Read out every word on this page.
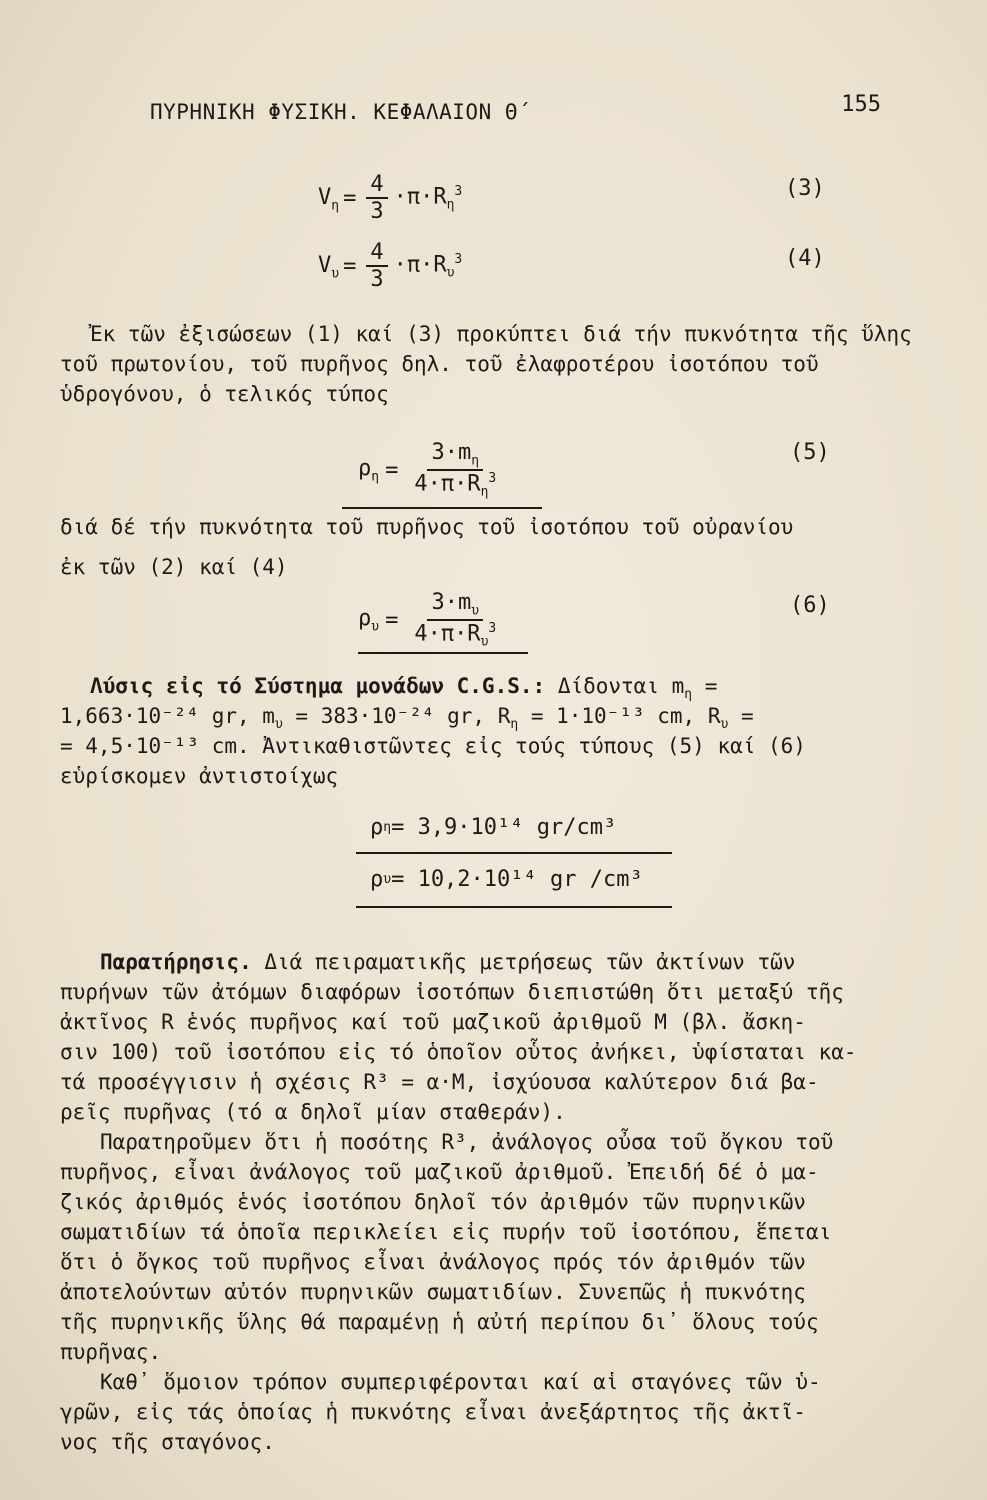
ΠΥΡΗΝΙΚΗ ΦΥΣΙΚΗ. ΚΕΦΑΛΑΙΟΝ Θ΄	155
$V_\eta = \frac{4}{3} \cdot\pi\cdot R_\eta^3$	(3)
$V_\upsilon = \frac{4}{3} \cdot\pi\cdot R_\upsilon^3$	(4)
Ἐκ τῶν ἐξισώσεων (1) καί (3) προκύπτει διά τήν πυκνότητα τῆς ὕλης
τοῦ πρωτονίου, τοῦ πυρῆνος δηλ. τοῦ ἐλαφροτέρου ἰσοτόπου τοῦ
ὑδρογόνου, ὁ τελικός τύπος
$\rho_\eta = \frac{3\cdot m_\eta}{4\cdot\pi\cdot R_\eta^3}$	(5)
διά δέ τήν πυκνότητα τοῦ πυρῆνος τοῦ ἰσοτόπου τοῦ οὐρανίου
ἐκ τῶν (2) καί (4)
$\rho_\upsilon = \frac{3\cdot m_\upsilon}{4\cdot\pi\cdot R_\upsilon^3}$	(6)
Λύσις εἰς τό Σύστημα μονάδων C.G.S.: Δίδονται $m_\eta$ =
1,663·10⁻²⁴ gr, $m_\upsilon = 383\cdot 10^{-24}$ gr, $R_\eta = 1\cdot 10^{-13}$ cm, $R_\upsilon$ =
= 4,5·10⁻¹³ cm. Ἀντικαθιστῶντες εἰς τούς τύπους (5) καί (6)
εὑρίσκομεν ἀντιστοίχως
ρ η = 3,9·10¹⁴ gr/cm³
ρ υ = 10,2·10¹⁴ gr /cm³
Παρατήρησις. Διά πειραματικῆς μετρήσεως τῶν ἀκτίνων τῶν
πυρήνων τῶν ἀτόμων διαφόρων ἰσοτόπων διεπιστώθη ὅτι μεταξύ τῆς
ἀκτῖνος R ἑνός πυρῆνος καί τοῦ μαζικοῦ ἀριθμοῦ M (βλ. ἄσκη-
σιν 100) τοῦ ἰσοτόπου εἰς τό ὁποῖον οὗτος ἀνήκει, ὑφίσταται κα-
τά προσέγγισιν ἡ σχέσις R³ = α·M, ἰσχύουσα καλύτερον διά βα-
ρεῖς πυρῆνας (τό α δηλοῖ μίαν σταθεράν).
Παρατηροῦμεν ὅτι ἡ ποσότης R³, ἀνάλογος οὖσα τοῦ ὄγκου τοῦ
πυρῆνος, εἶναι ἀνάλογος τοῦ μαζικοῦ ἀριθμοῦ. Ἐπειδή δέ ὁ μα-
ζικός ἀριθμός ἑνός ἰσοτόπου δηλοῖ τόν ἀριθμόν τῶν πυρηνικῶν
σωματιδίων τά ὁποῖα περικλείει εἰς πυρήν τοῦ ἰσοτόπου, ἕπεται
ὅτι ὁ ὄγκος τοῦ πυρῆνος εἶναι ἀνάλογος πρός τόν ἀριθμόν τῶν
ἀποτελούντων αὐτόν πυρηνικῶν σωματιδίων. Συνεπῶς ἡ πυκνότης
τῆς πυρηνικῆς ὕλης θά παραμένῃ ἡ αὐτή περίπου δι᾽ ὅλους τούς
πυρῆνας.
Καθ᾽ ὅμοιον τρόπον συμπεριφέρονται καί αἱ σταγόνες τῶν ὑ-
γρῶν, εἰς τάς ὁποίας ἡ πυκνότης εἶναι ἀνεξάρτητος τῆς ἀκτῖ-
νος τῆς σταγόνος.
